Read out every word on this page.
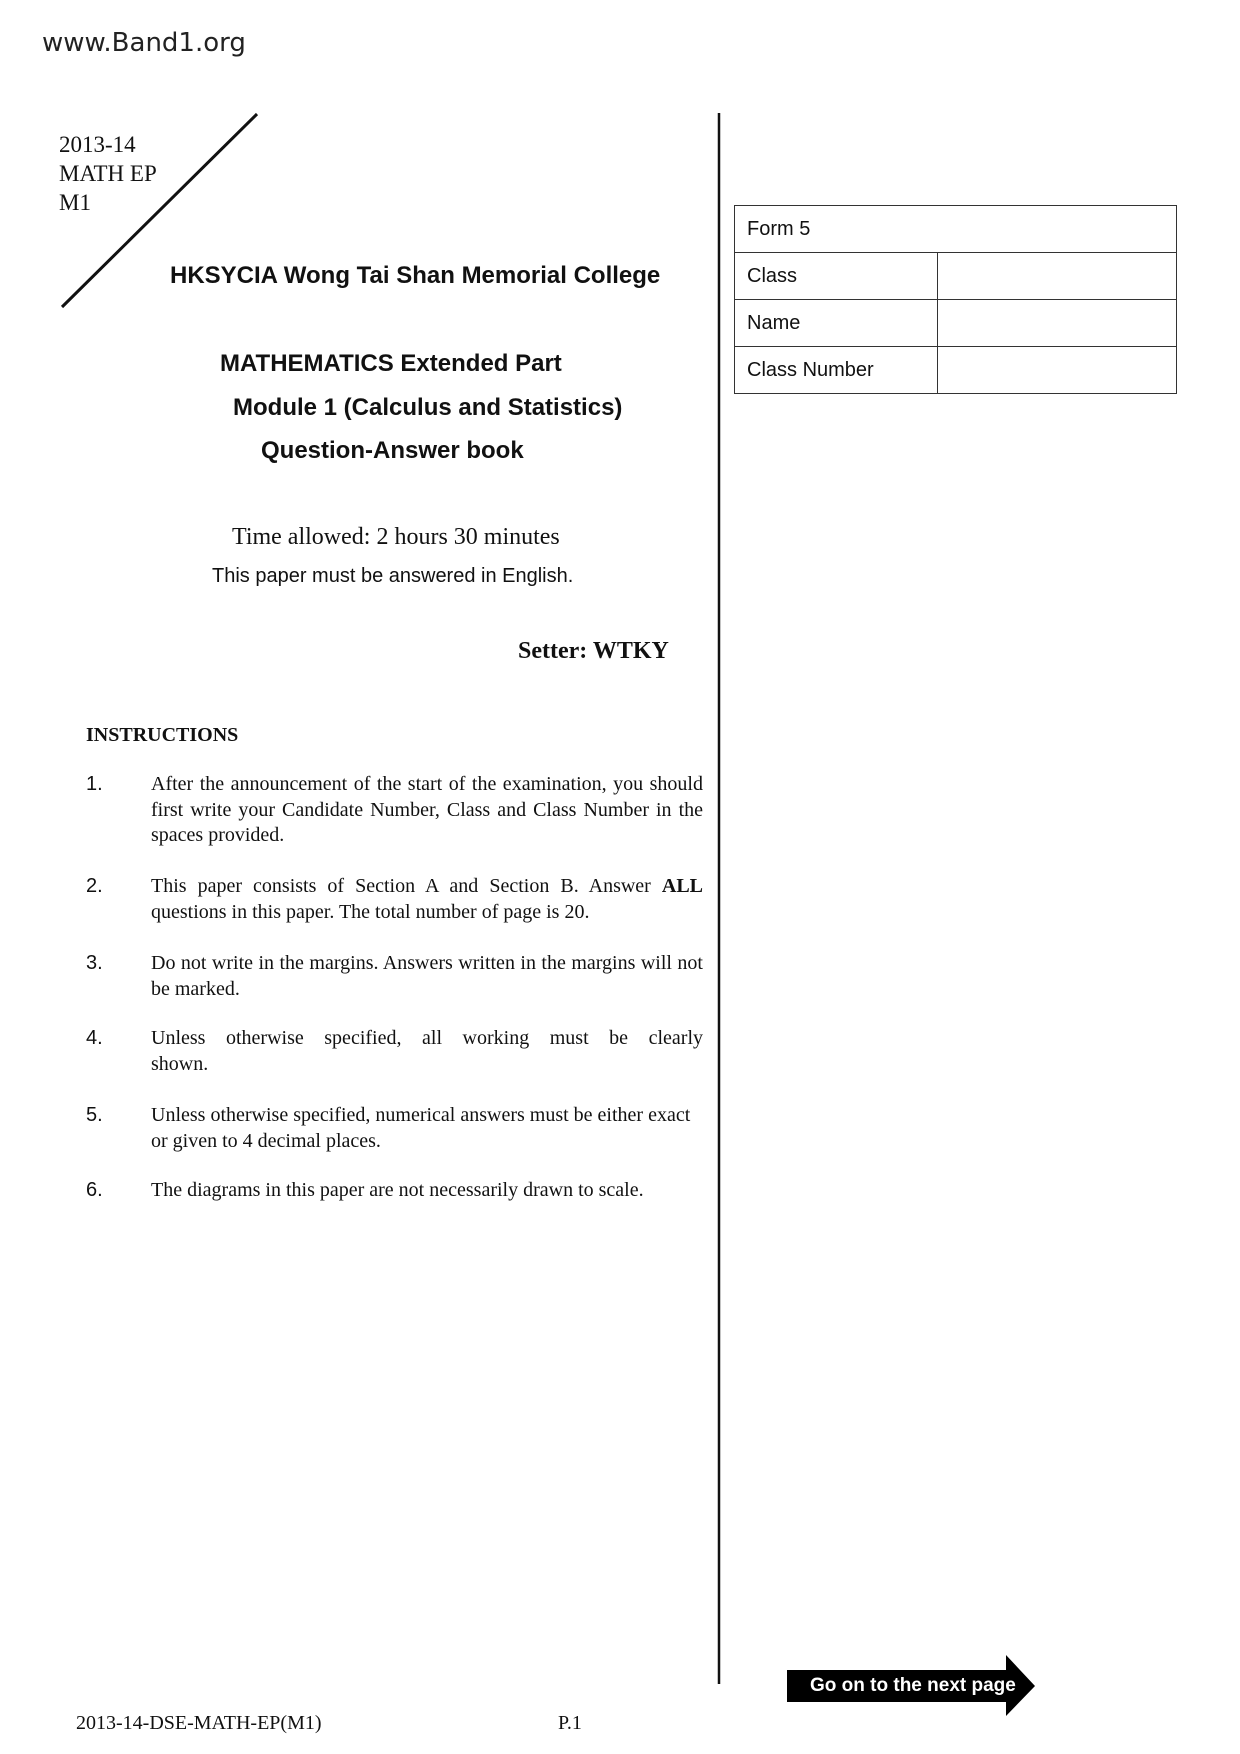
www.Band1.org
2013-14
MATH EP
M1
HKSYCIA Wong Tai Shan Memorial College
MATHEMATICS Extended Part
Module 1 (Calculus and Statistics)
Question-Answer book
Time allowed: 2 hours 30 minutes
This paper must be answered in English.
Setter: WTKY
INSTRUCTIONS
1. After the announcement of the start of the examination, you should first write your Candidate Number, Class and Class Number in the spaces provided.
2. This paper consists of Section A and Section B. Answer ALL questions in this paper. The total number of page is 20.
3. Do not write in the margins. Answers written in the margins will not be marked.
4. Unless otherwise specified, all working must be clearly shown.
5. Unless otherwise specified, numerical answers must be either exact or given to 4 decimal places.
6. The diagrams in this paper are not necessarily drawn to scale.
Form 5	
Class	
Name	
Class Number	
Go on to the next page
2013-14-DSE-MATH-EP(M1)	P.1
